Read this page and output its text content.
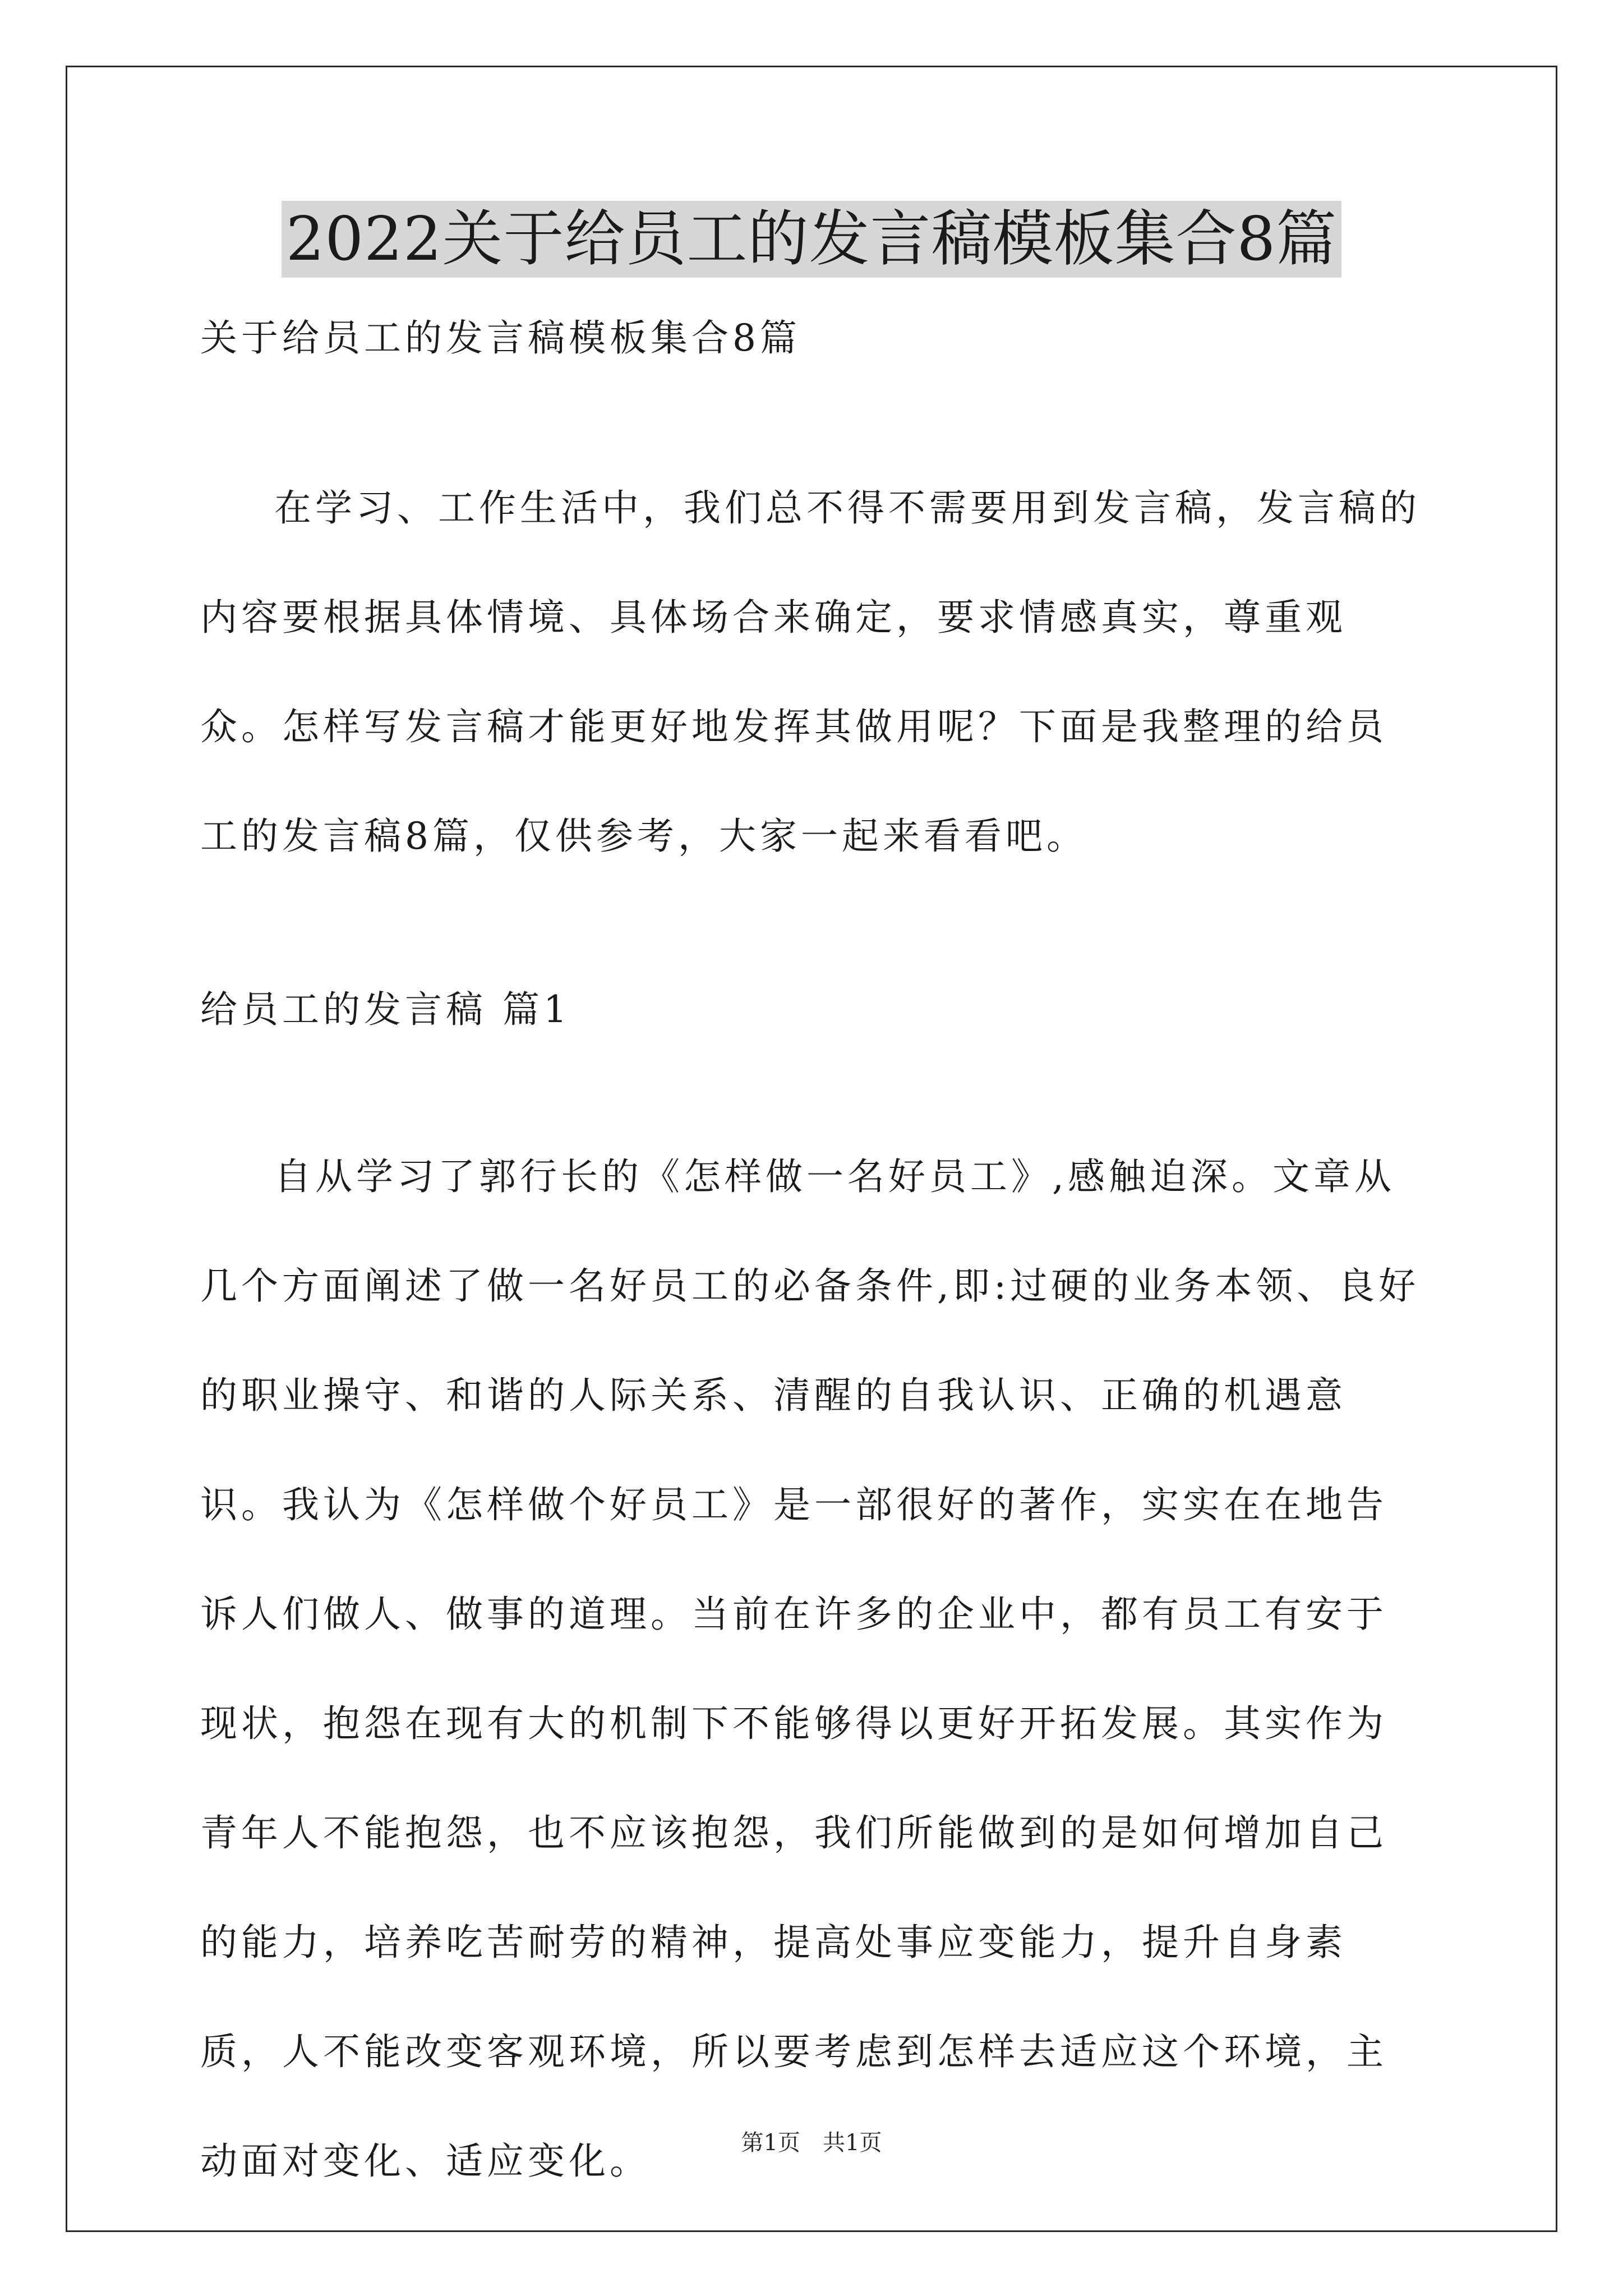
2022关于给员工的发言稿模板集合8篇
关于给员工的发言稿模板集合8篇

在学习、工作生活中，我们总不得不需要用到发言稿，发言稿的内容要根据具体情境、具体场合来确定，要求情感真实，尊重观众。怎样写发言稿才能更好地发挥其做用呢？下面是我整理的给员工的发言稿8篇，仅供参考，大家一起来看看吧。

给员工的发言稿 篇1

自从学习了郭行长的《怎样做一名好员工》,感触迫深。文章从几个方面阐述了做一名好员工的必备条件,即:过硬的业务本领、良好的职业操守、和谐的人际关系、清醒的自我认识、正确的机遇意识。我认为《怎样做个好员工》是一部很好的著作，实实在在地告诉人们做人、做事的道理。当前在许多的企业中，都有员工有安于现状，抱怨在现有大的机制下不能够得以更好开拓发展。其实作为青年人不能抱怨，也不应该抱怨，我们所能做到的是如何增加自己的能力，培养吃苦耐劳的精神，提高处事应变能力，提升自身素质，人不能改变客观环境，所以要考虑到怎样去适应这个环境，主动面对变化、适应变化。	第1页　共1页
